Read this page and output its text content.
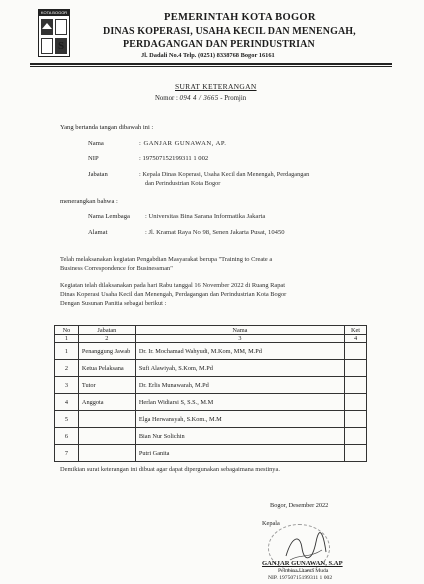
KOTA BOGOR
S
PEMERINTAH KOTA BOGOR
DINAS KOPERASI, USAHA KECIL DAN MENENGAH,
PERDAGANGAN DAN PERINDUSTRIAN
Jl. Dadali No.4 Telp. (0251) 8338768 Bogor 16161
SURAT KETERANGAN
Nomor : 094 4 / 3665 - Promjin
Yang bertanda tangan dibawah ini :
Nama	: GANJAR GUNAWAN, AP.
NIP	: 197507152199311 1 002
Jabatan	: Kepala Dinas Koperasi, Usaha Kecil dan Menengah, Perdagangan
dan Perindustrian Kota Bogor
menerangkan bahwa :
Nama Lembaga : Universitas Bina Sarana Informatika Jakarta
Alamat	: Jl. Kramat Raya No 98, Senen Jakarta Pusat, 10450
Telah melaksanakan kegiatan Pengabdian Masyarakat berupa "Training to Create a
Business Correspondence for Businessman"
Kegiatan telah dilaksanakan pada hari Rabu tanggal 16 November 2022 di Ruang Rapat
Dinas Koperasi Usaha Kecil dan Menengah, Perdagangan dan Perindustrian Kota Bogor
Dengan Susunan Panitia sebagai berikut :
No	Jabatan	Nama	Ket
1	2	3	4
1	Penanggung Jawab	Dr. Ir. Mochamad Wahyudi, M.Kom, MM, M.Pd	
2	Ketua Pelaksana	Sufi Alawiyah, S.Kom, M.Pd	
3	Tutor	Dr. Erlis Munawarah, M.Pd	
4	Anggota	Herlan Widiarsi S, S.S., M.M	
5		Elga Herwansyah, S.Kom., M.M	
6		Bian Nur Solichin	
7		Putri Ganita	
Demikian surat keterangan ini dibuat agar dapat dipergunakan sebagaimana mestinya.
Bogor, Desember 2022
Kepala
GANJAR GUNAWAN, S.AP
Pembina Utama Muda
NIP. 19750715199311 1 002
